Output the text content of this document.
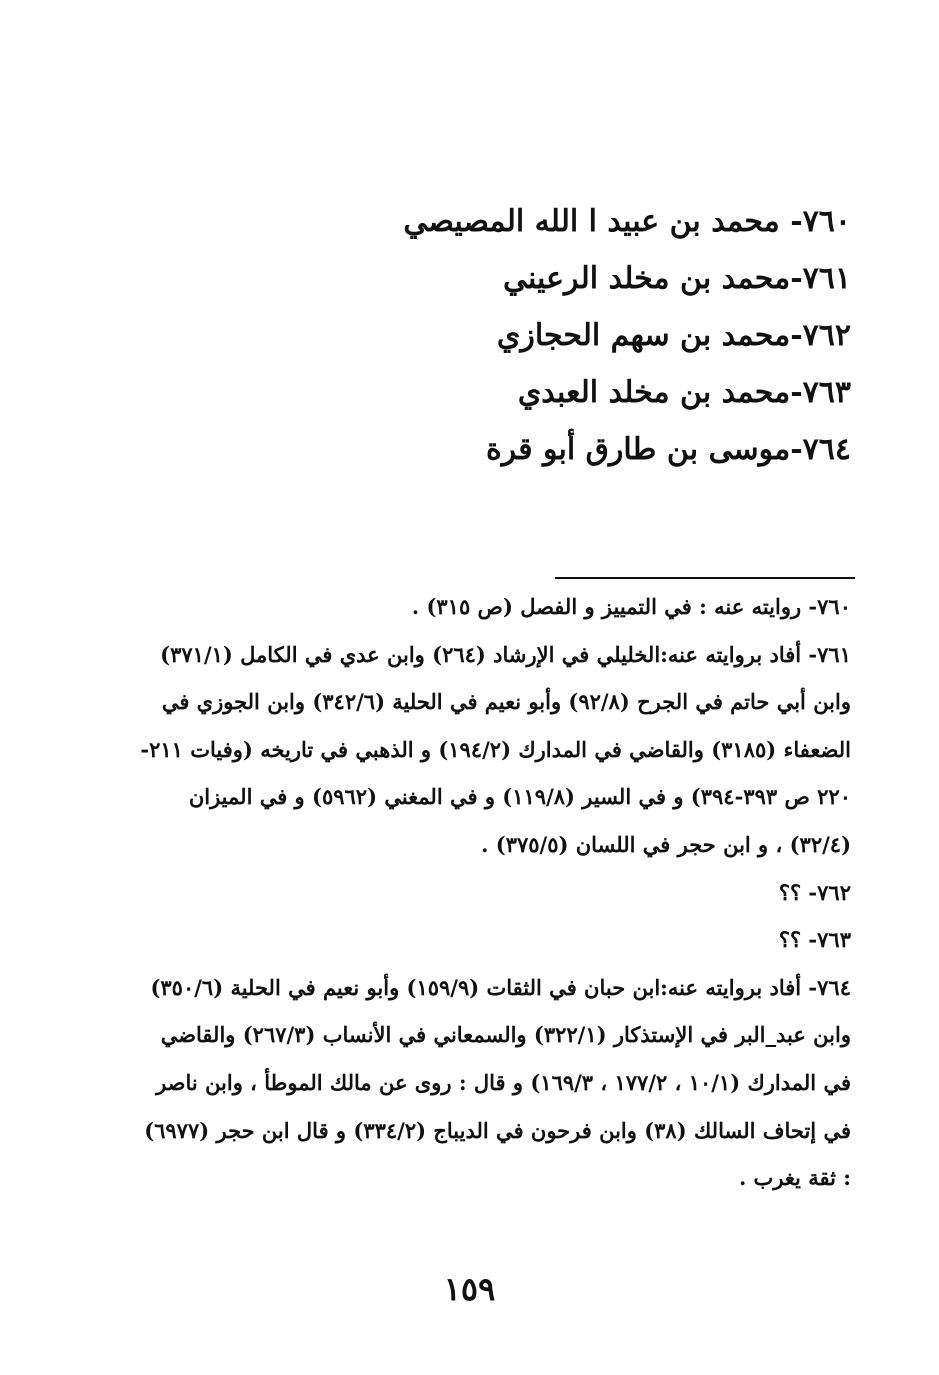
٧٦٠- محمد بن عبيد ا الله المصيصي
٧٦١-محمد بن مخلد الرعيني
٧٦٢-محمد بن سهم الحجازي
٧٦٣-محمد بن مخلد العبدي
٧٦٤-موسى بن طارق أبو قرة
٧٦٠- روايته عنه : في التمييز و الفصل (ص ٣١٥) .
٧٦١- أفاد بروايته عنه:الخليلي في الإرشاد (٢٦٤) وابن عدي في الكامل (٣٧١/١)
وابن أبي حاتم في الجرح (٩٢/٨) وأبو نعيم في الحلية (٣٤٢/٦) وابن الجوزي في
الضعفاء (٣١٨٥) والقاضي في المدارك (١٩٤/٢) و الذهبي في تاريخه (وفيات ٢١١-
٢٢٠ ص ٣٩٣-٣٩٤) و في السير (١١٩/٨) و في المغني (٥٩٦٢) و في الميزان
(٣٢/٤) ، و ابن حجر في اللسان (٣٧٥/٥) .
٧٦٢- ؟؟
٧٦٣- ؟؟
٧٦٤- أفاد بروايته عنه:ابن حبان في الثقات (١٥٩/٩) وأبو نعيم في الحلية (٣٥٠/٦)
وابن عبد_البر في الإستذكار (٣٢٢/١) والسمعاني في الأنساب (٢٦٧/٣) والقاضي
في المدارك (١٠/١ ، ١٧٧/٢ ، ١٦٩/٣) و قال : روى عن مالك الموطأ ، وابن ناصر
في إتحاف السالك (٣٨) وابن فرحون في الديباج (٣٣٤/٢) و قال ابن حجر (٦٩٧٧)
: ثقة يغرب .
١٥٩
